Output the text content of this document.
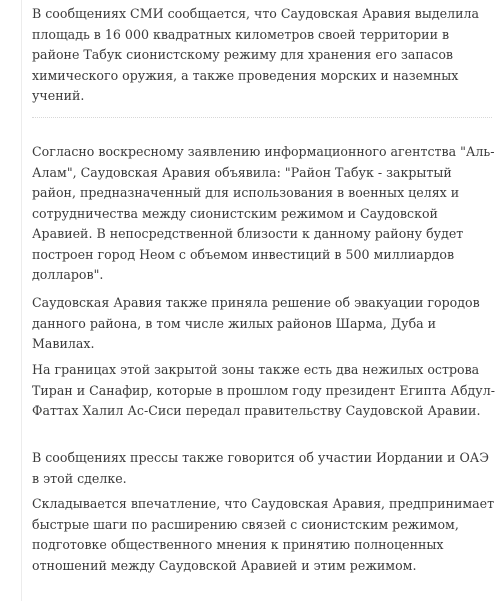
В сообщениях СМИ сообщается, что Саудовская Аравия выделила площадь в 16 000 квадратных километров своей территории в районе Табук сионистскому режиму для хранения его запасов химического оружия, а также проведения морских и наземных учений.

Согласно воскресному заявлению информационного агентства "Аль-Алам", Саудовская Аравия объявила: "Район Табук - закрытый район, предназначенный для использования в военных целях и сотрудничества между сионистским режимом и Саудовской Аравией. В непосредственной близости к данному району будет построен город Неом с объемом инвестиций в 500 миллиардов долларов".

Саудовская Аравия также приняла решение об эвакуации городов данного района, в том числе жилых районов Шарма, Дуба и Мавилах.

На границах этой закрытой зоны также есть два нежилых острова Тиран и Санафир, которые в прошлом году президент Египта Абдул-Фаттах Халил Ас-Сиси передал правительству Саудовской Аравии.

В сообщениях прессы также говорится об участии Иордании и ОАЭ в этой сделке.

Складывается впечатление, что Саудовская Аравия, предпринимает быстрые шаги по расширению связей с сионистским режимом, подготовке общественного мнения к принятию полноценных отношений между Саудовской Аравией и этим режимом.
